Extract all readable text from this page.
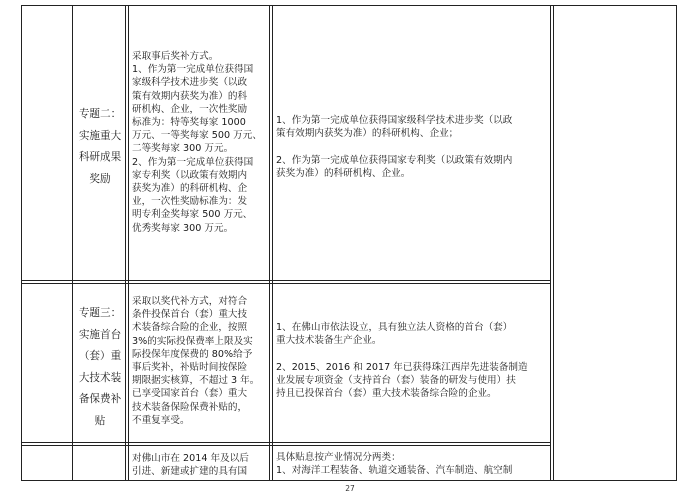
专题二：
实施重大
科研成果
奖励
采取事后奖补方式。
1、作为第一完成单位获得国
家级科学技术进步奖（以政
策有效期内获奖为准）的科
研机构、企业，一次性奖励
标准为：特等奖每家 1000
万元、一等奖每家 500 万元、
二等奖每家 300 万元。
2、作为第一完成单位获得国
家专利奖（以政策有效期内
获奖为准）的科研机构、企
业，一次性奖励标准为：发
明专利金奖每家 500 万元、
优秀奖每家 300 万元。
1、作为第一完成单位获得国家级科学技术进步奖（以政
策有效期内获奖为准）的科研机构、企业；

2、作为第一完成单位获得国家专利奖（以政策有效期内
获奖为准）的科研机构、企业。
专题三：
实施首台
（套）重
大技术装
备保费补
贴
采取以奖代补方式，对符合
条件投保首台（套）重大技
术装备综合险的企业，按照
3%的实际投保费率上限及实
际投保年度保费的 80%给予
事后奖补，补贴时间按保险
期限据实核算，不超过 3 年。
已享受国家首台（套）重大
技术装备保险保费补贴的，
不重复享受。
1、在佛山市依法设立，具有独立法人资格的首台（套）
重大技术装备生产企业。

2、2015、2016 和 2017 年已获得珠江西岸先进装备制造
业发展专项资金（支持首台（套）装备的研发与使用）扶
持且已投保首台（套）重大技术装备综合险的企业。
对佛山市在 2014 年及以后
引进、新建或扩建的具有国
具体贴息按产业情况分两类：
1、对海洋工程装备、轨道交通装备、汽车制造、航空制
27
